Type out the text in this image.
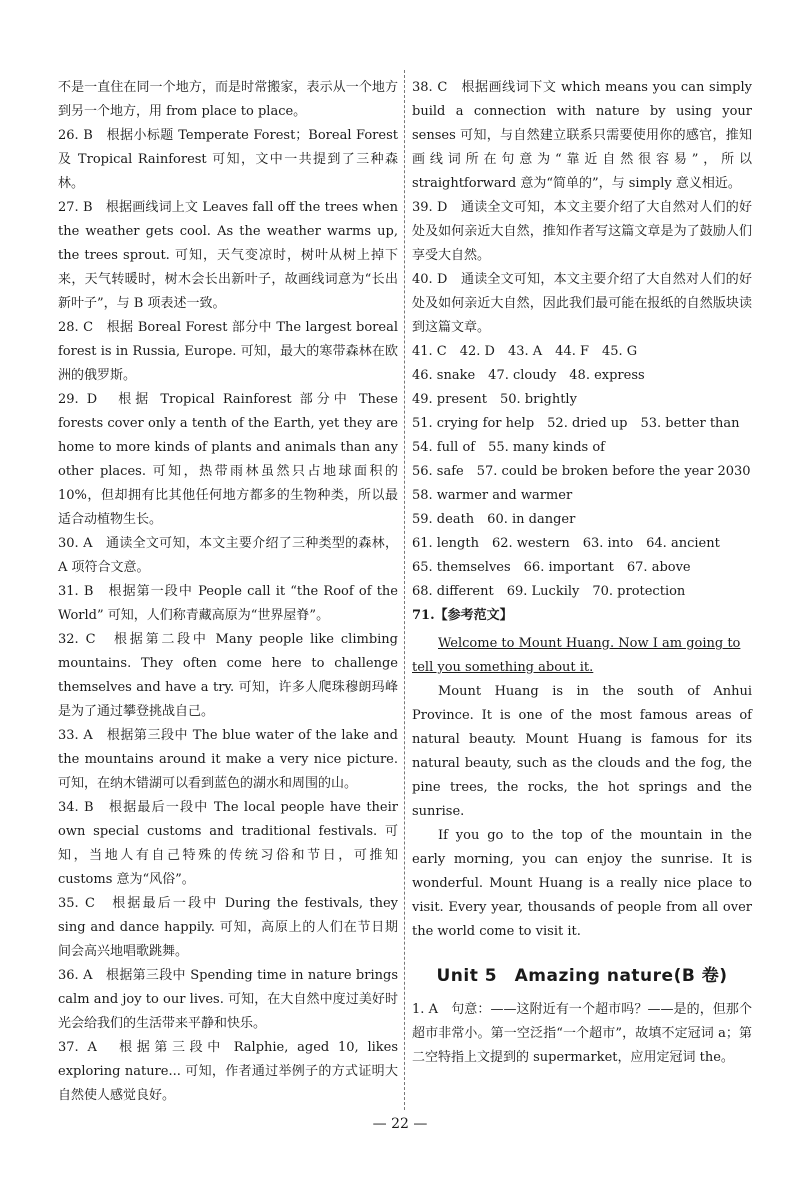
不是一直住在同一个地方，而是时常搬家，表示从一个地方到另一个地方，用 from place to place。

26. B　根据小标题 Temperate Forest；Boreal Forest 及 Tropical Rainforest 可知，文中一共提到了三种森林。

27. B　根据画线词上文 Leaves fall off the trees when the weather gets cool. As the weather warms up, the trees sprout. 可知，天气变凉时，树叶从树上掉下来，天气转暖时，树木会长出新叶子，故画线词意为“长出新叶子”，与 B 项表述一致。

28. C　根据 Boreal Forest 部分中 The largest boreal forest is in Russia, Europe. 可知，最大的寒带森林在欧洲的俄罗斯。

29. D　根据 Tropical Rainforest 部分中 These forests cover only a tenth of the Earth, yet they are home to more kinds of plants and animals than any other places. 可知，热带雨林虽然只占地球面积的 10%，但却拥有比其他任何地方都多的生物种类，所以最适合动植物生长。

30. A　通读全文可知，本文主要介绍了三种类型的森林，A 项符合文意。

31. B　根据第一段中 People call it “the Roof of the World” 可知，人们称青藏高原为“世界屋脊”。

32. C　根据第二段中 Many people like climbing mountains. They often come here to challenge themselves and have a try. 可知，许多人爬珠穆朗玛峰是为了通过攀登挑战自己。

33. A　根据第三段中 The blue water of the lake and the mountains around it make a very nice picture. 可知，在纳木错湖可以看到蓝色的湖水和周围的山。

34. B　根据最后一段中 The local people have their own special customs and traditional festivals. 可知，当地人有自己特殊的传统习俗和节日，可推知 customs 意为“风俗”。

35. C　根据最后一段中 During the festivals, they sing and dance happily. 可知，高原上的人们在节日期间会高兴地唱歌跳舞。

36. A　根据第三段中 Spending time in nature brings calm and joy to our lives. 可知，在大自然中度过美好时光会给我们的生活带来平静和快乐。

37. A　根据第三段中 Ralphie, aged 10, likes exploring nature... 可知，作者通过举例子的方式证明大自然使人感觉良好。

38. C　根据画线词下文 which means you can simply build a connection with nature by using your senses 可知，与自然建立联系只需要使用你的感官，推知画线词所在句意为“靠近自然很容易”，所以 straightforward 意为“简单的”，与 simply 意义相近。

39. D　通读全文可知，本文主要介绍了大自然对人们的好处及如何亲近大自然，推知作者写这篇文章是为了鼓励人们享受大自然。

40. D　通读全文可知，本文主要介绍了大自然对人们的好处及如何亲近大自然，因此我们最可能在报纸的自然版块读到这篇文章。

41. C　42. D　43. A　44. F　45. G

46. snake　47. cloudy　48. express

49. present　50. brightly

51. crying for help　52. dried up　53. better than

54. full of　55. many kinds of

56. safe　57. could be broken before the year 2030

58. warmer and warmer

59. death　60. in danger

61. length　62. western　63. into　64. ancient

65. themselves　66. important　67. above

68. different　69. Luckily　70. protection

71.【参考范文】

Welcome to Mount Huang. Now I am going to tell you something about it.

Mount Huang is in the south of Anhui Province. It is one of the most famous areas of natural beauty. Mount Huang is famous for its natural beauty, such as the clouds and the fog, the pine trees, the rocks, the hot springs and the sunrise.

If you go to the top of the mountain in the early morning, you can enjoy the sunrise. It is wonderful. Mount Huang is a really nice place to visit. Every year, thousands of people from all over the world come to visit it.

Unit 5　Amazing nature(B 卷)

1. A　句意：——这附近有一个超市吗？——是的，但那个超市非常小。第一空泛指“一个超市”，故填不定冠词 a；第二空特指上文提到的 supermarket，应用定冠词 the。

— 22 —
